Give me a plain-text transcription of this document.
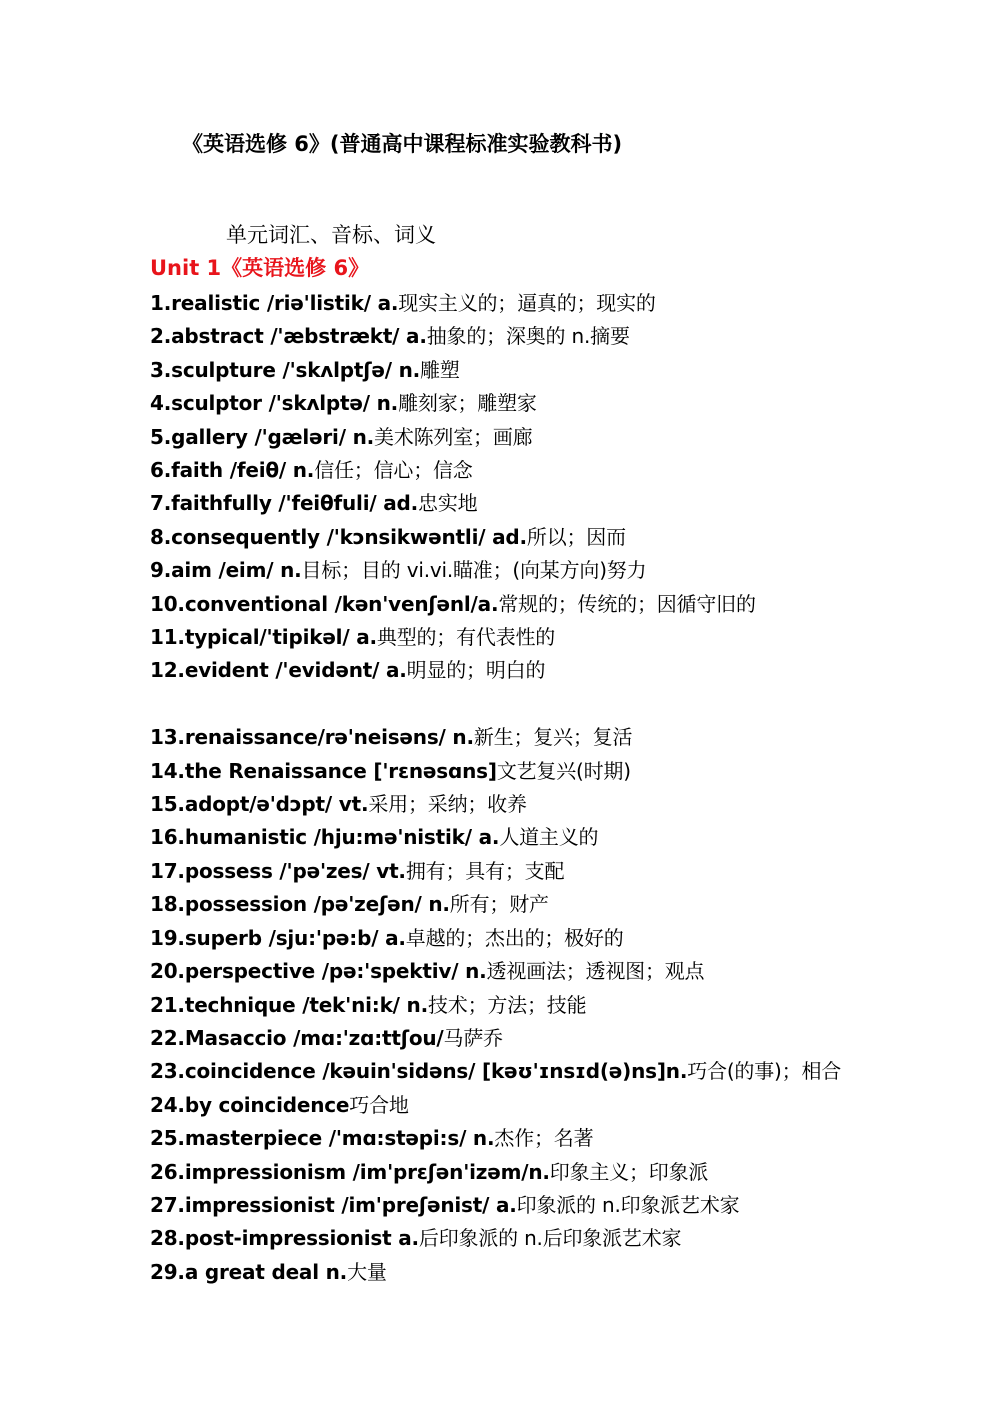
《英语选修 6》(普通高中课程标准实验教科书)
单元词汇、音标、词义
Unit 1《英语选修 6》
1.realistic /riə'listik/ a.现实主义的；逼真的；现实的
2.abstract /'æbstrækt/ a.抽象的；深奥的 n.摘要
3.sculpture /'skʌlptʃə/ n.雕塑
4.sculptor /'skʌlptə/ n.雕刻家；雕塑家
5.gallery /'gæləri/ n.美术陈列室；画廊
6.faith /feiθ/ n.信任；信心；信念
7.faithfully /'feiθfuli/ ad.忠实地
8.consequently /'kɔnsikwəntli/ ad.所以；因而
9.aim /eim/ n.目标；目的 vi.vi.瞄准；(向某方向)努力
10.conventional /kən'venʃənl/a.常规的；传统的；因循守旧的
11.typical/'tipikəl/ a.典型的；有代表性的
12.evident /'evidənt/ a.明显的；明白的
13.renaissance/rə'neisəns/ n.新生；复兴；复活
14.the Renaissance ['rɛnəsɑns]文艺复兴(时期)
15.adopt/ə'dɔpt/ vt.采用；采纳；收养
16.humanistic /hju:mə'nistik/ a.人道主义的
17.possess /'pə'zes/ vt.拥有；具有；支配
18.possession /pə'zeʃən/ n.所有；财产
19.superb /sju:'pə:b/ a.卓越的；杰出的；极好的
20.perspective /pə:'spektiv/ n.透视画法；透视图；观点
21.technique /tek'ni:k/ n.技术；方法；技能
22.Masaccio /mɑ:'zɑ:ttʃou/马萨乔
23.coincidence /kəuin'sidəns/ [kəʊ'ɪnsɪd(ə)ns]n.巧合(的事)；相合
24.by coincidence巧合地
25.masterpiece /'mɑ:stəpi:s/ n.杰作；名著
26.impressionism /im'prɛʃən'izəm/n.印象主义；印象派
27.impressionist /im'preʃənist/ a.印象派的 n.印象派艺术家
28.post-impressionist a.后印象派的 n.后印象派艺术家
29.a great deal n.大量
